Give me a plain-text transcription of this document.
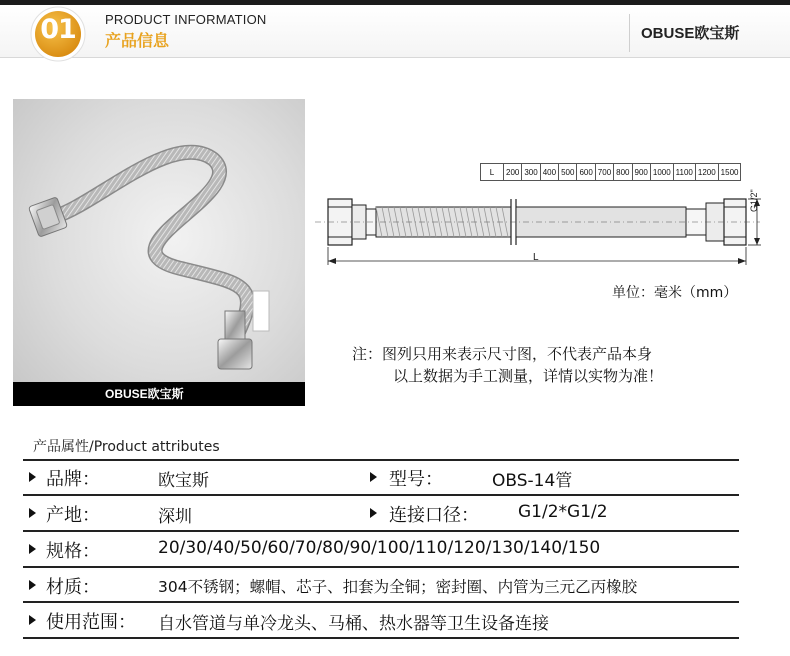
01	PRODUCT INFORMATION
产品信息	OBUSE欧宝斯
OBUSE欧宝斯
L	200	300	400	500	600	700	800	900	1000	1100	1200	1500
G1/2"
L
单位：毫米（mm）
注：图列只用来表示尺寸图，不代表产品本身
以上数据为手工测量，详情以实物为准！
产品属性/Product attributes
品牌：	欧宝斯	型号：	OBS-14管
产地：	深圳	连接口径： G1/2*G1/2
规格：	20/30/40/50/60/70/80/90/100/110/120/130/140/150
材质：	304不锈钢；螺帽、芯子、扣套为全铜；密封圈、内管为三元乙丙橡胶
使用范围： 自水管道与单冷龙头、马桶、热水器等卫生设备连接
